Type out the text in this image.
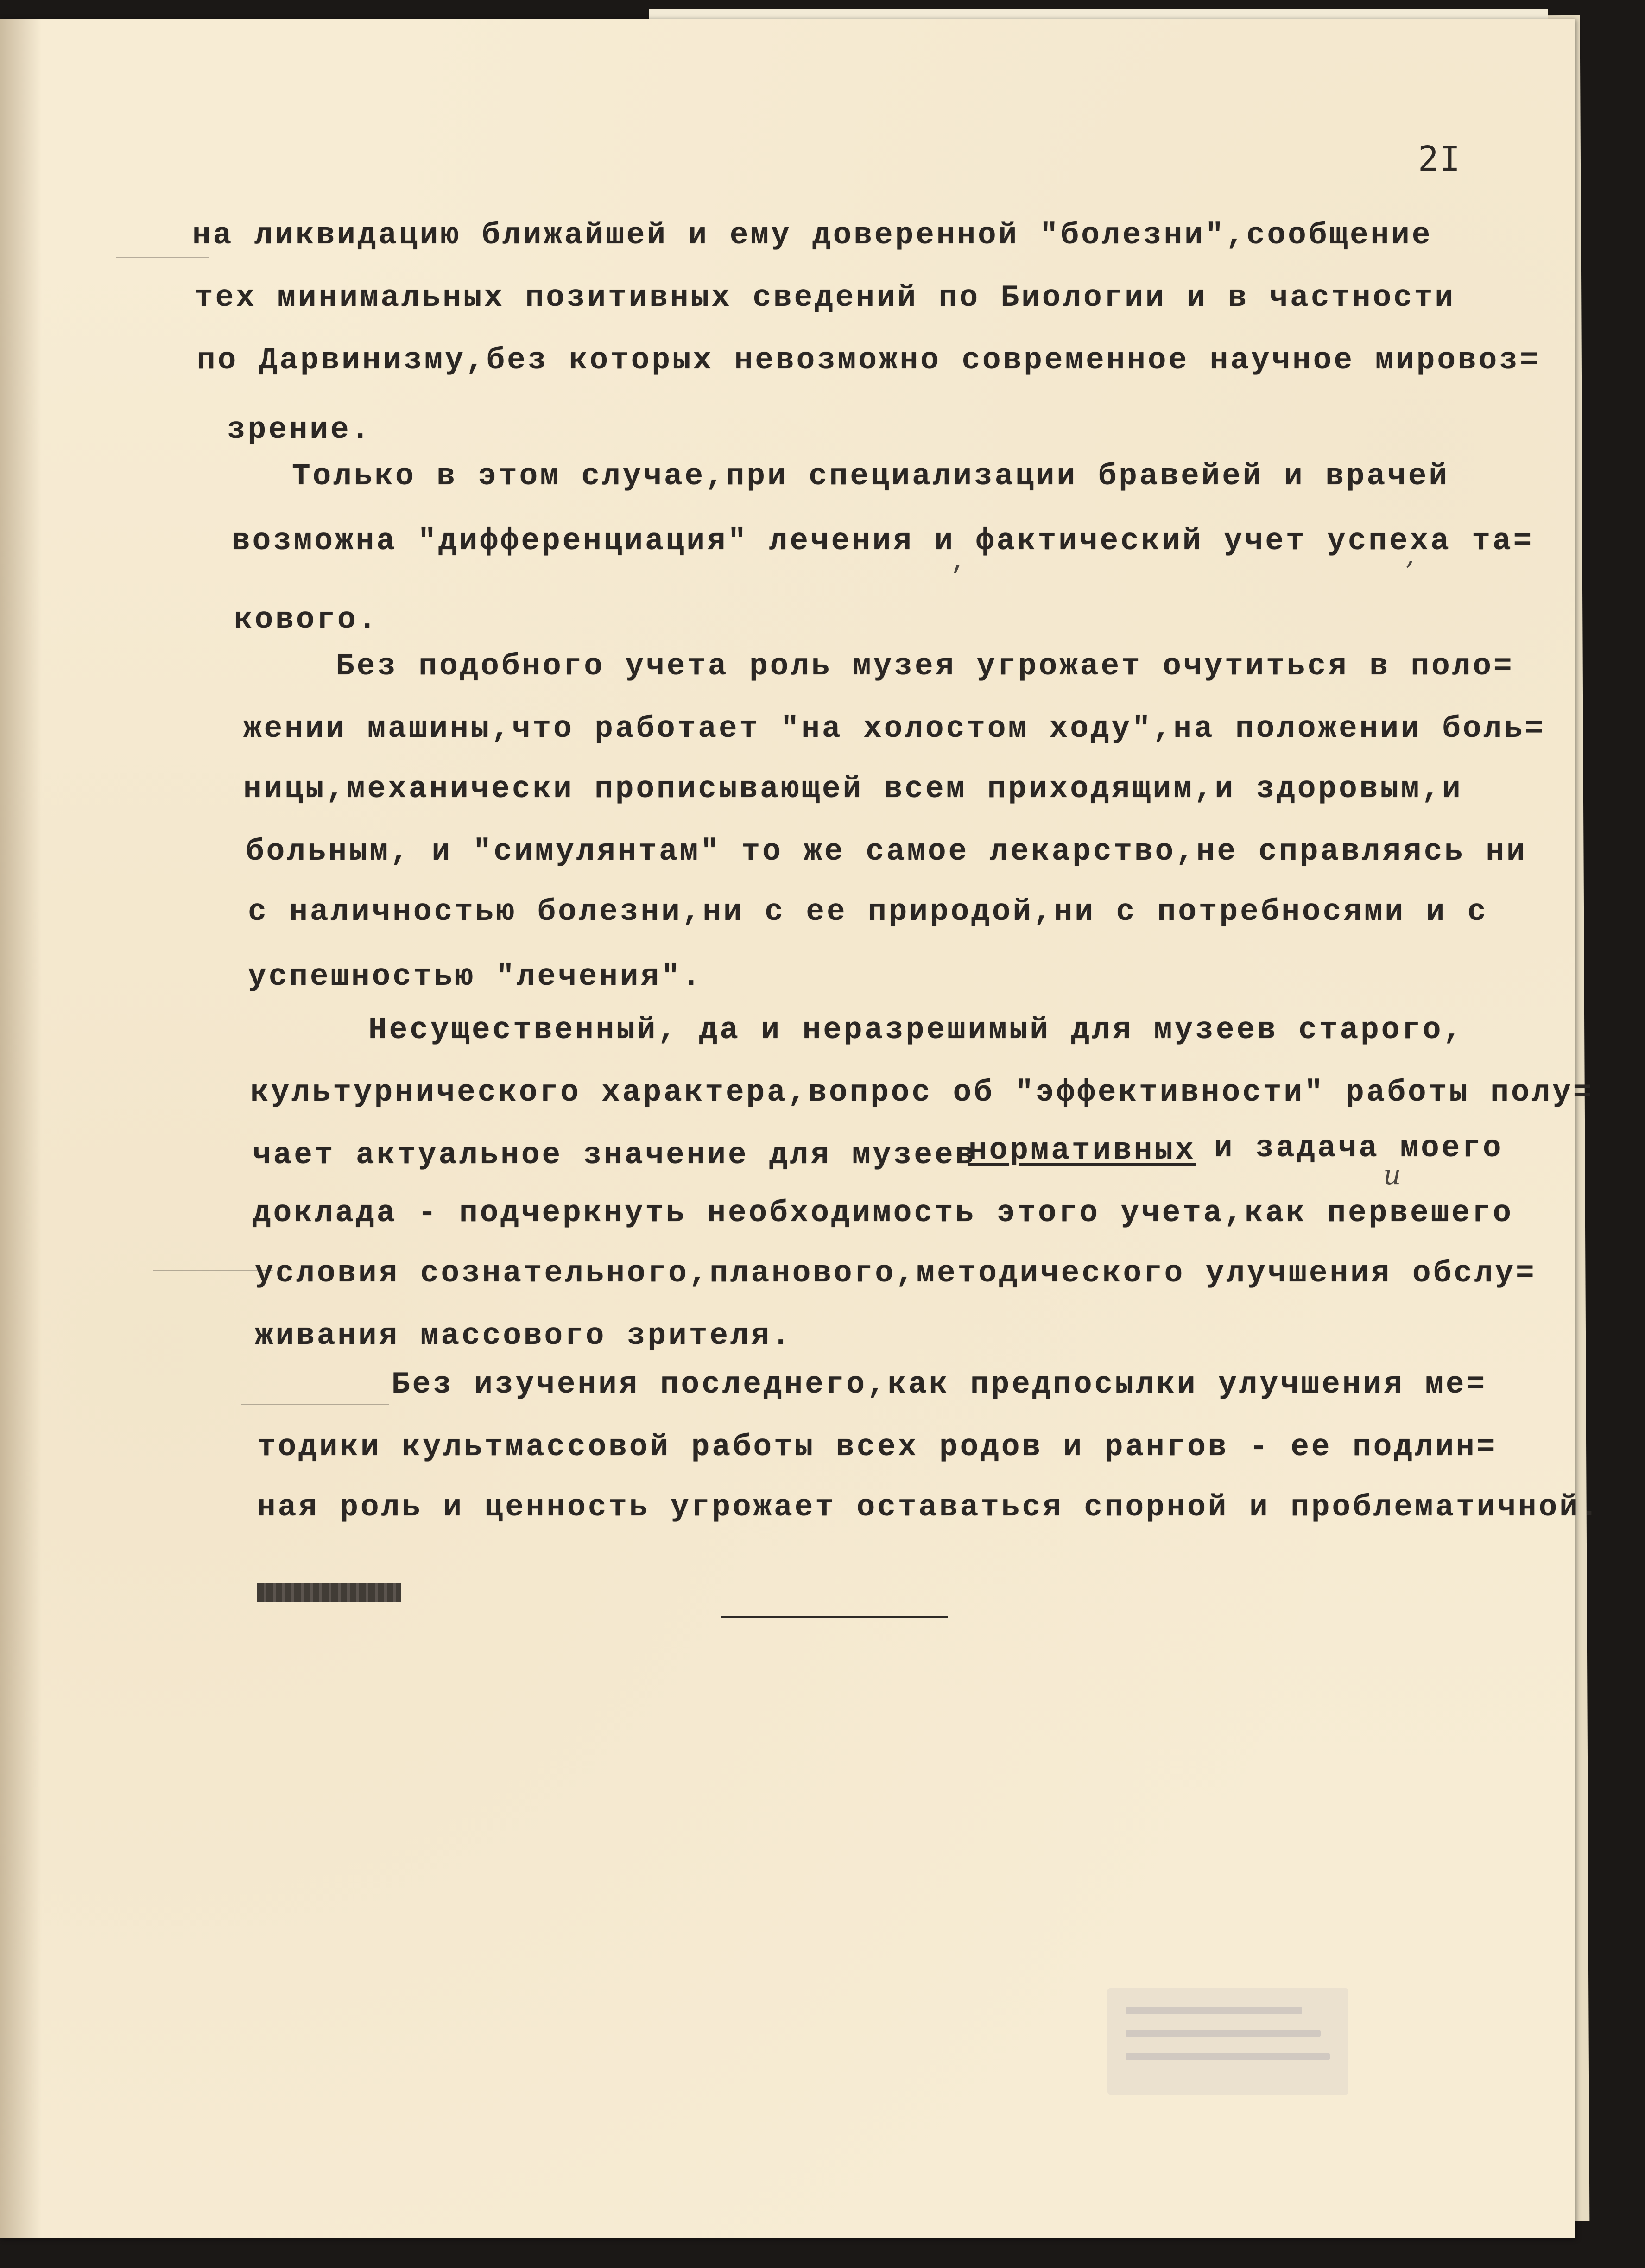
2I
на ликвидацию ближайшей и ему доверенной "болезни",сообщение
тех минимальных позитивных сведений по Биологии и в частности
по Дарвинизму,без которых невозможно современное научное мировоз=
зрение.
Только в этом случае,при специализации бравейей и врачей
возможна "дифференциация" лечения и фактический учет успеха та=
кового.
Без подобного учета роль музея угрожает очутиться в поло=
жении машины,что работает "на холостом ходу",на положении боль=
ницы,механически прописывающей всем приходящим,и здоровым,и
больным, и "симулянтам" то же самое лекарство,не справляясь ни
с наличностью болезни,ни с ее природой,ни с потребносями и с
успешностью "лечения".
Несущественный, да и неразрешимый для музеев старого,
культурнического характера,вопрос об "эффективности" работы полу=
чает актуальное значение для музеев
нормативных и задача моего
доклада - подчеркнуть необходимость этого учета,как первешего
условия сознательного,планового,методического улучшения обслу=
живания массового зрителя.
Без изучения последнего,как предпосылки улучшения ме=
тодики культмассовой работы всех родов и рангов - ее подлин=
ная роль и ценность угрожает оставаться спорной и проблематичной.
и
ʹ	ʼ
